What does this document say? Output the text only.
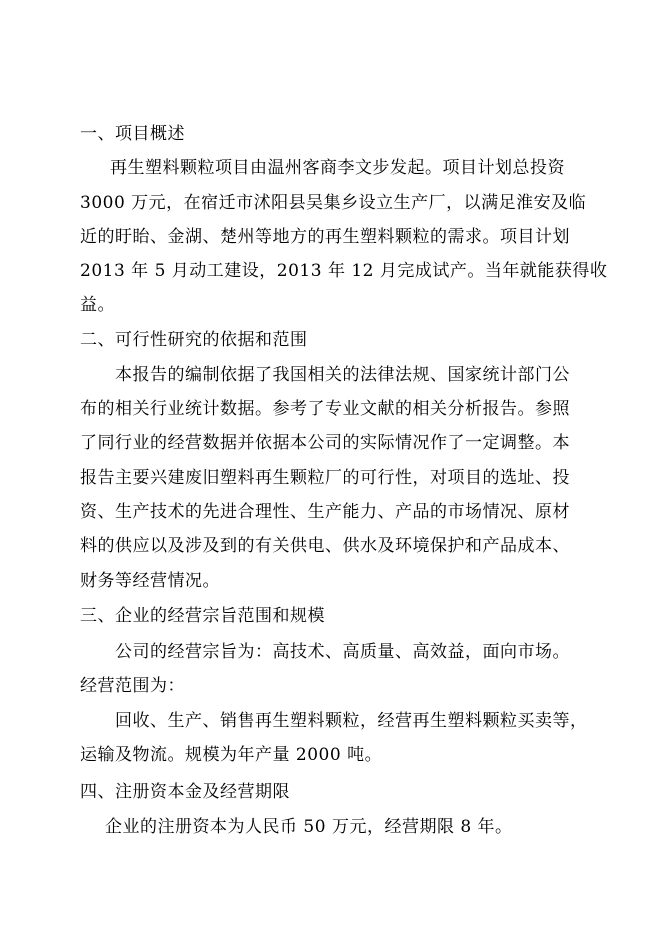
一、项目概述
再生塑料颗粒项目由温州客商李文步发起。项目计划总投资
3000 万元，在宿迁市沭阳县吴集乡设立生产厂，以满足淮安及临
近的盱眙、金湖、楚州等地方的再生塑料颗粒的需求。项目计划
2013 年 5 月动工建设，2013 年 12 月完成试产。当年就能获得收
益。
二、可行性研究的依据和范围
本报告的编制依据了我国相关的法律法规、国家统计部门公
布的相关行业统计数据。参考了专业文献的相关分析报告。参照
了同行业的经营数据并依据本公司的实际情况作了一定调整。本
报告主要兴建废旧塑料再生颗粒厂的可行性，对项目的选址、投
资、生产技术的先进合理性、生产能力、产品的市场情况、原材
料的供应以及涉及到的有关供电、供水及环境保护和产品成本、
财务等经营情况。
三、企业的经营宗旨范围和规模
公司的经营宗旨为：高技术、高质量、高效益，面向市场。
经营范围为：
回收、生产、销售再生塑料颗粒，经营再生塑料颗粒买卖等，
运输及物流。规模为年产量 2000 吨。
四、注册资本金及经营期限
企业的注册资本为人民币 50 万元，经营期限 8 年。
